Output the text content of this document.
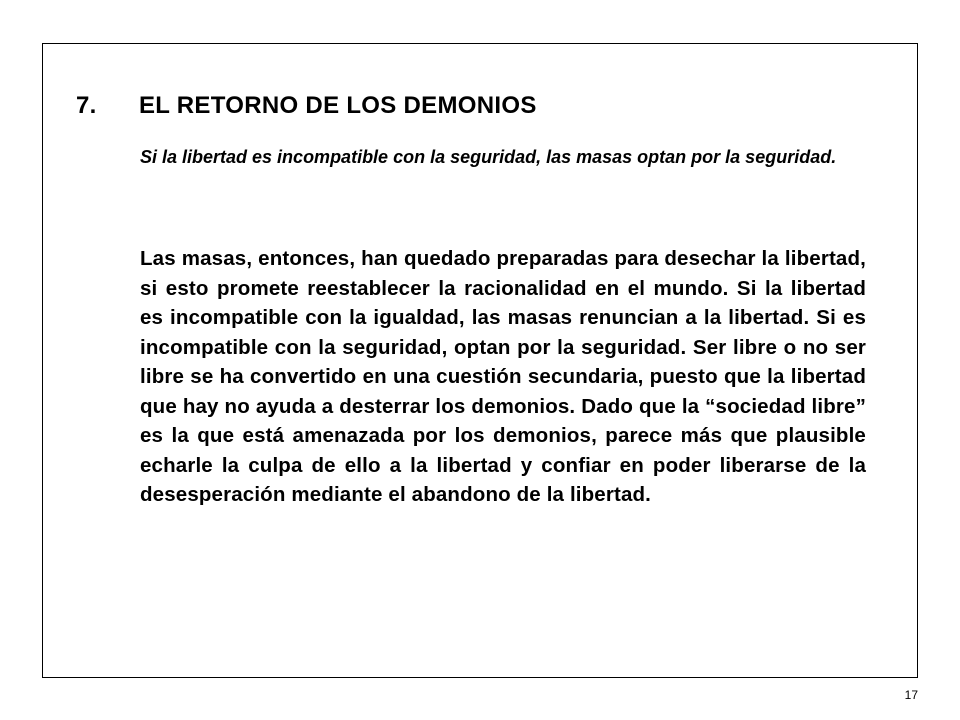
7. EL RETORNO DE LOS DEMONIOS
Si la libertad es incompatible con la seguridad, las masas optan por la seguridad.
Las masas, entonces, han quedado preparadas para desechar la libertad, si esto promete reestablecer la racionalidad en el mundo. Si la libertad es incompatible con la igualdad, las masas renuncian a la libertad. Si es incompatible con la seguridad, optan por la seguridad. Ser libre o no ser libre se ha convertido en una cuestión secundaria, puesto que la libertad que hay no ayuda a desterrar los demonios. Dado que la “sociedad libre” es la que está amenazada por los demonios, parece más que plausible echarle la culpa de ello a la libertad y confiar en poder liberarse de la desesperación mediante el abandono de la libertad.
17
